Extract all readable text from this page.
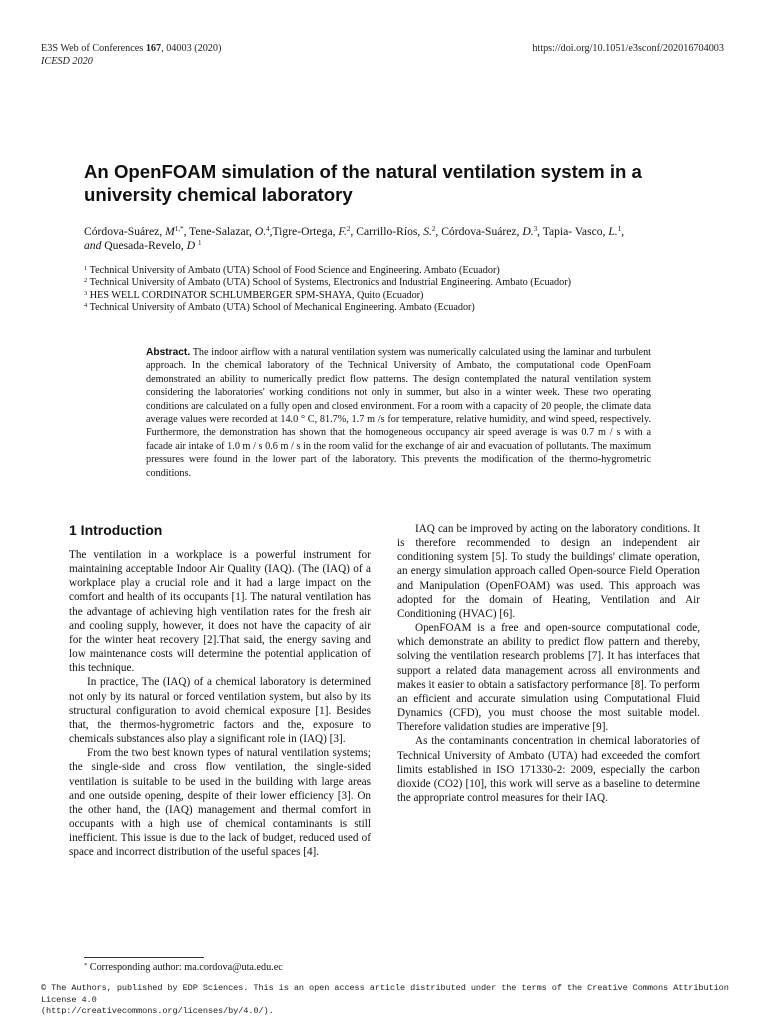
E3S Web of Conferences 167, 04003 (2020)
ICESD 2020
https://doi.org/10.1051/e3sconf/202016704003
An OpenFOAM simulation of the natural ventilation system in a university chemical laboratory
Córdova-Suárez, $M^{1,*}$, Tene-Salazar, O.$^4$,Tigre-Ortega, F.$^2$, Carrillo-Ríos, S.$^2$, Córdova-Suárez, D.$^3$, Tapia- Vasco, L.$^1$,
and Quesada-Revelo, D $^1$
$^1$ Technical University of Ambato (UTA) School of Food Science and Engineering. Ambato (Ecuador)
$^2$ Technical University of Ambato (UTA) School of Systems, Electronics and Industrial Engineering. Ambato (Ecuador)
$^3$ HES WELL CORDINATOR SCHLUMBERGER SPM-SHAYA, Quito (Ecuador)
$^4$ Technical University of Ambato (UTA) School of Mechanical Engineering. Ambato (Ecuador)
Abstract. The indoor airflow with a natural ventilation system was numerically calculated using the laminar and turbulent approach. In the chemical laboratory of the Technical University of Ambato, the computational code OpenFoam demonstrated an ability to numerically predict flow patterns. The design contemplated the natural ventilation system considering the laboratories' working conditions not only in summer, but also in a winter week. These two operating conditions are calculated on a fully open and closed environment. For a room with a capacity of 20 people, the climate data average values were recorded at 14.0 ° C, 81.7%, 1.7 m /s for temperature, relative humidity, and wind speed, respectively. Furthermore, the demonstration has shown that the homogeneous occupancy air speed average is was 0.7 m / s with a facade air intake of 1.0 m / s 0.6 m / s in the room valid for the exchange of air and evacuation of pollutants. The maximum pressures were found in the lower part of the laboratory. This prevents the modification of the thermo-hygrometric conditions.
1 Introduction

The ventilation in a workplace is a powerful instrument for maintaining acceptable Indoor Air Quality (IAQ). (The (IAQ) of a workplace play a crucial role and it had a large impact on the comfort and health of its occupants [1]. The natural ventilation has the advantage of achieving high ventilation rates for the fresh air and cooling supply, however, it does not have the capacity of air for the winter heat recovery [2].That said, the energy saving and low maintenance costs will determine the potential application of this technique.

In practice, The (IAQ) of a chemical laboratory is determined not only by its natural or forced ventilation system, but also by its structural configuration to avoid chemical exposure [1]. Besides that, the thermos-hygrometric factors and the, exposure to chemicals substances also play a significant role in (IAQ) [3].

From the two best known types of natural ventilation systems; the single-side and cross flow ventilation, the single-sided ventilation is suitable to be used in the building with large areas and one outside opening, despite of their lower efficiency [3]. On the other hand, the (IAQ) management and thermal comfort in occupants with a high use of chemical contaminants is still inefficient. This issue is due to the lack of budget, reduced used of space and incorrect distribution of the useful spaces [4].

IAQ can be improved by acting on the laboratory conditions. It is therefore recommended to design an independent air conditioning system [5]. To study the buildings' climate operation, an energy simulation approach called Open-source Field Operation and Manipulation (OpenFOAM) was used. This approach was adopted for the domain of Heating, Ventilation and Air Conditioning (HVAC) [6].

OpenFOAM is a free and open-source computational code, which demonstrate an ability to predict flow pattern and thereby, solving the ventilation research problems [7]. It has interfaces that support a related data management across all environments and makes it easier to obtain a satisfactory performance [8]. To perform an efficient and accurate simulation using Computational Fluid Dynamics (CFD), you must choose the most suitable model. Therefore validation studies are imperative [9].

As the contaminants concentration in chemical laboratories of Technical University of Ambato (UTA) had exceeded the comfort limits established in ISO 171330-2: 2009, especially the carbon dioxide (CO2) [10], this work will serve as a baseline to determine the appropriate control measures for their IAQ.

* Corresponding author: ma.cordova@uta.edu.ec
© The Authors, published by EDP Sciences. This is an open access article distributed under the terms of the Creative Commons Attribution License 4.0
(http://creativecommons.org/licenses/by/4.0/).
